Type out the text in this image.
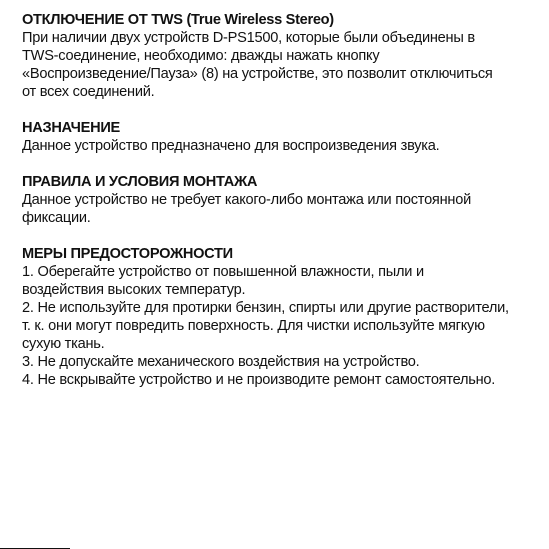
ОТКЛЮЧЕНИЕ ОТ TWS (True Wireless Stereo)

При наличии двух устройств D-PS1500, которые были объединены в

TWS-соединение, необходимо: дважды нажать кнопку

«Воспроизведение/Пауза» (8) на устройстве, это позволит отключиться

от всех соединений.

НАЗНАЧЕНИЕ

Данное устройство предназначено для воспроизведения звука.

ПРАВИЛА И УСЛОВИЯ МОНТАЖА

Данное устройство не требует какого-либо монтажа или постоянной

фиксации.

МЕРЫ ПРЕДОСТОРОЖНОСТИ

1. Оберегайте устройство от повышенной влажности, пыли и
воздействия высоких температур.
2. Не используйте для протирки бензин, спирты или другие растворители,
т. к. они могут повредить поверхность. Для чистки используйте мягкую
сухую ткань.
3. Не допускайте механического воздействия на устройство.
4. Не вскрывайте устройство и не производите ремонт самостоятельно.
